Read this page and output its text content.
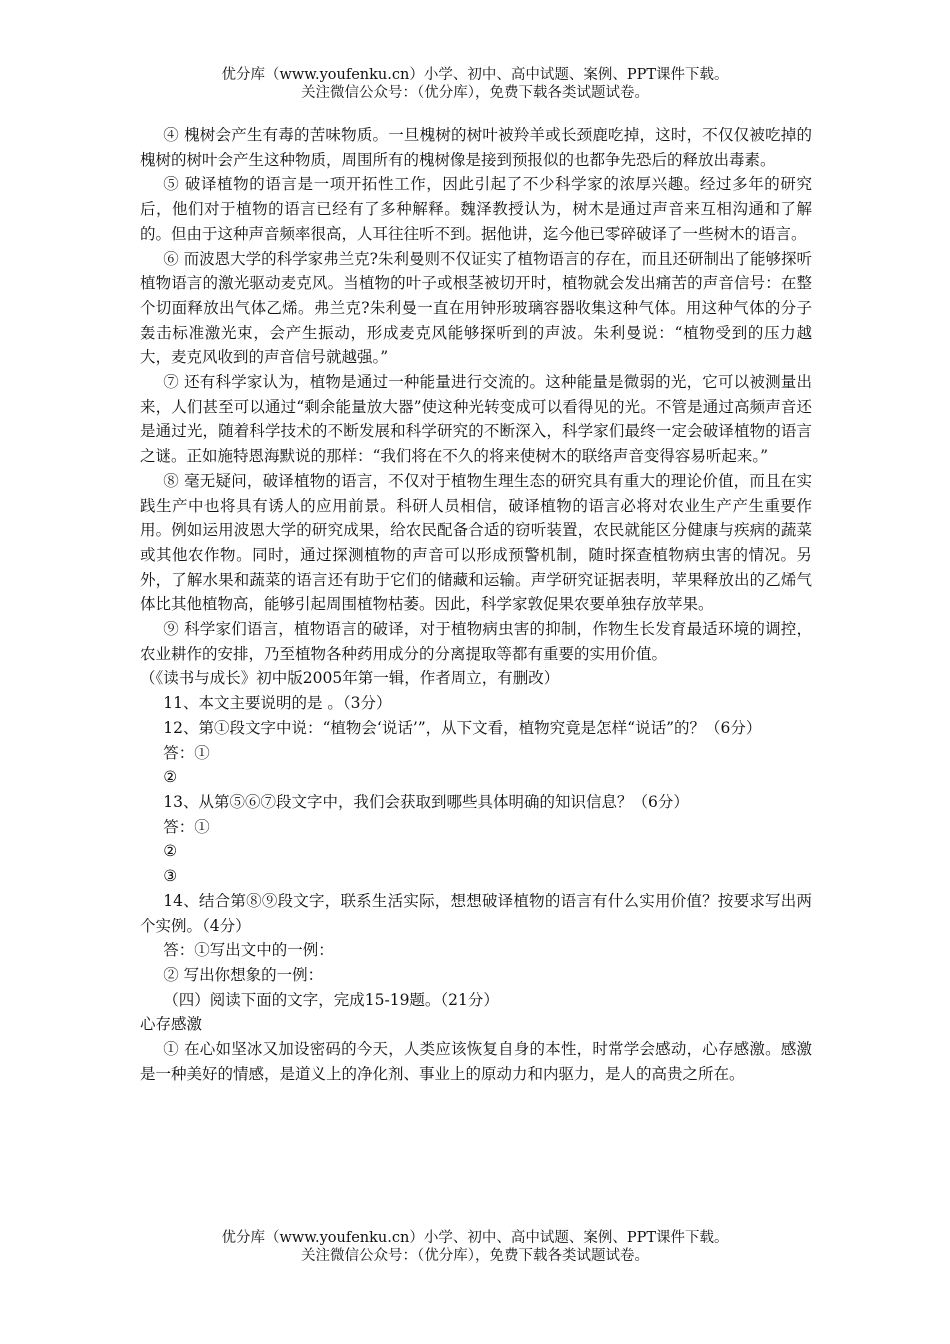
优分库（www.youfenku.cn）小学、初中、高中试题、案例、PPT课件下载。
关注微信公众号：（优分库），免费下载各类试题试卷。

④ 槐树会产生有毒的苦味物质。一旦槐树的树叶被羚羊或长颈鹿吃掉，这时，不仅仅被吃掉的槐树的树叶会产生这种物质，周围所有的槐树像是接到预报似的也都争先恐后的释放出毒素。

⑤ 破译植物的语言是一项开拓性工作，因此引起了不少科学家的浓厚兴趣。经过多年的研究后，他们对于植物的语言已经有了多种解释。魏泽教授认为，树木是通过声音来互相沟通和了解的。但由于这种声音频率很高，人耳往往听不到。据他讲，迄今他已零碎破译了一些树木的语言。

⑥ 而波恩大学的科学家弗兰克?朱利曼则不仅证实了植物语言的存在，而且还研制出了能够探听植物语言的激光驱动麦克风。当植物的叶子或根茎被切开时，植物就会发出痛苦的声音信号：在整个切面释放出气体乙烯。弗兰克?朱利曼一直在用钟形玻璃容器收集这种气体。用这种气体的分子轰击标准激光束，会产生振动，形成麦克风能够探听到的声波。朱利曼说：“植物受到的压力越大，麦克风收到的声音信号就越强。”

⑦ 还有科学家认为，植物是通过一种能量进行交流的。这种能量是微弱的光，它可以被测量出来，人们甚至可以通过“剩余能量放大器”使这种光转变成可以看得见的光。不管是通过高频声音还是通过光，随着科学技术的不断发展和科学研究的不断深入，科学家们最终一定会破译植物的语言之谜。正如施特恩海默说的那样：“我们将在不久的将来使树木的联络声音变得容易听起来。”

⑧ 毫无疑问，破译植物的语言，不仅对于植物生理生态的研究具有重大的理论价值，而且在实践生产中也将具有诱人的应用前景。科研人员相信，破译植物的语言必将对农业生产产生重要作用。例如运用波恩大学的研究成果，给农民配备合适的窃听装置，农民就能区分健康与疾病的蔬菜或其他农作物。同时，通过探测植物的声音可以形成预警机制，随时探查植物病虫害的情况。另外，了解水果和蔬菜的语言还有助于它们的储藏和运输。声学研究证据表明，苹果释放出的乙烯气体比其他植物高，能够引起周围植物枯萎。因此，科学家敦促果农要单独存放苹果。

⑨ 科学家们语言，植物语言的破译，对于植物病虫害的抑制，作物生长发育最适环境的调控，农业耕作的安排，乃至植物各种药用成分的分离提取等都有重要的实用价值。

（《读书与成长》初中版2005年第一辑，作者周立，有删改）

11、本文主要说明的是 。（3分）

12、第①段文字中说：“植物会‘说话’”，从下文看，植物究竟是怎样“说话”的？（6分）

答：①

②

13、从第⑤⑥⑦段文字中，我们会获取到哪些具体明确的知识信息？（6分）

答：①

②

③

14、结合第⑧⑨段文字，联系生活实际，想想破译植物的语言有什么实用价值？按要求写出两个实例。（4分）

答：①写出文中的一例：

② 写出你想象的一例：

（四）阅读下面的文字，完成15-19题。（21分）

心存感激

① 在心如坚冰又加设密码的今天，人类应该恢复自身的本性，时常学会感动，心存感激。感激是一种美好的情感，是道义上的净化剂、事业上的原动力和内驱力，是人的高贵之所在。

优分库（www.youfenku.cn）小学、初中、高中试题、案例、PPT课件下载。
关注微信公众号：（优分库），免费下载各类试题试卷。
